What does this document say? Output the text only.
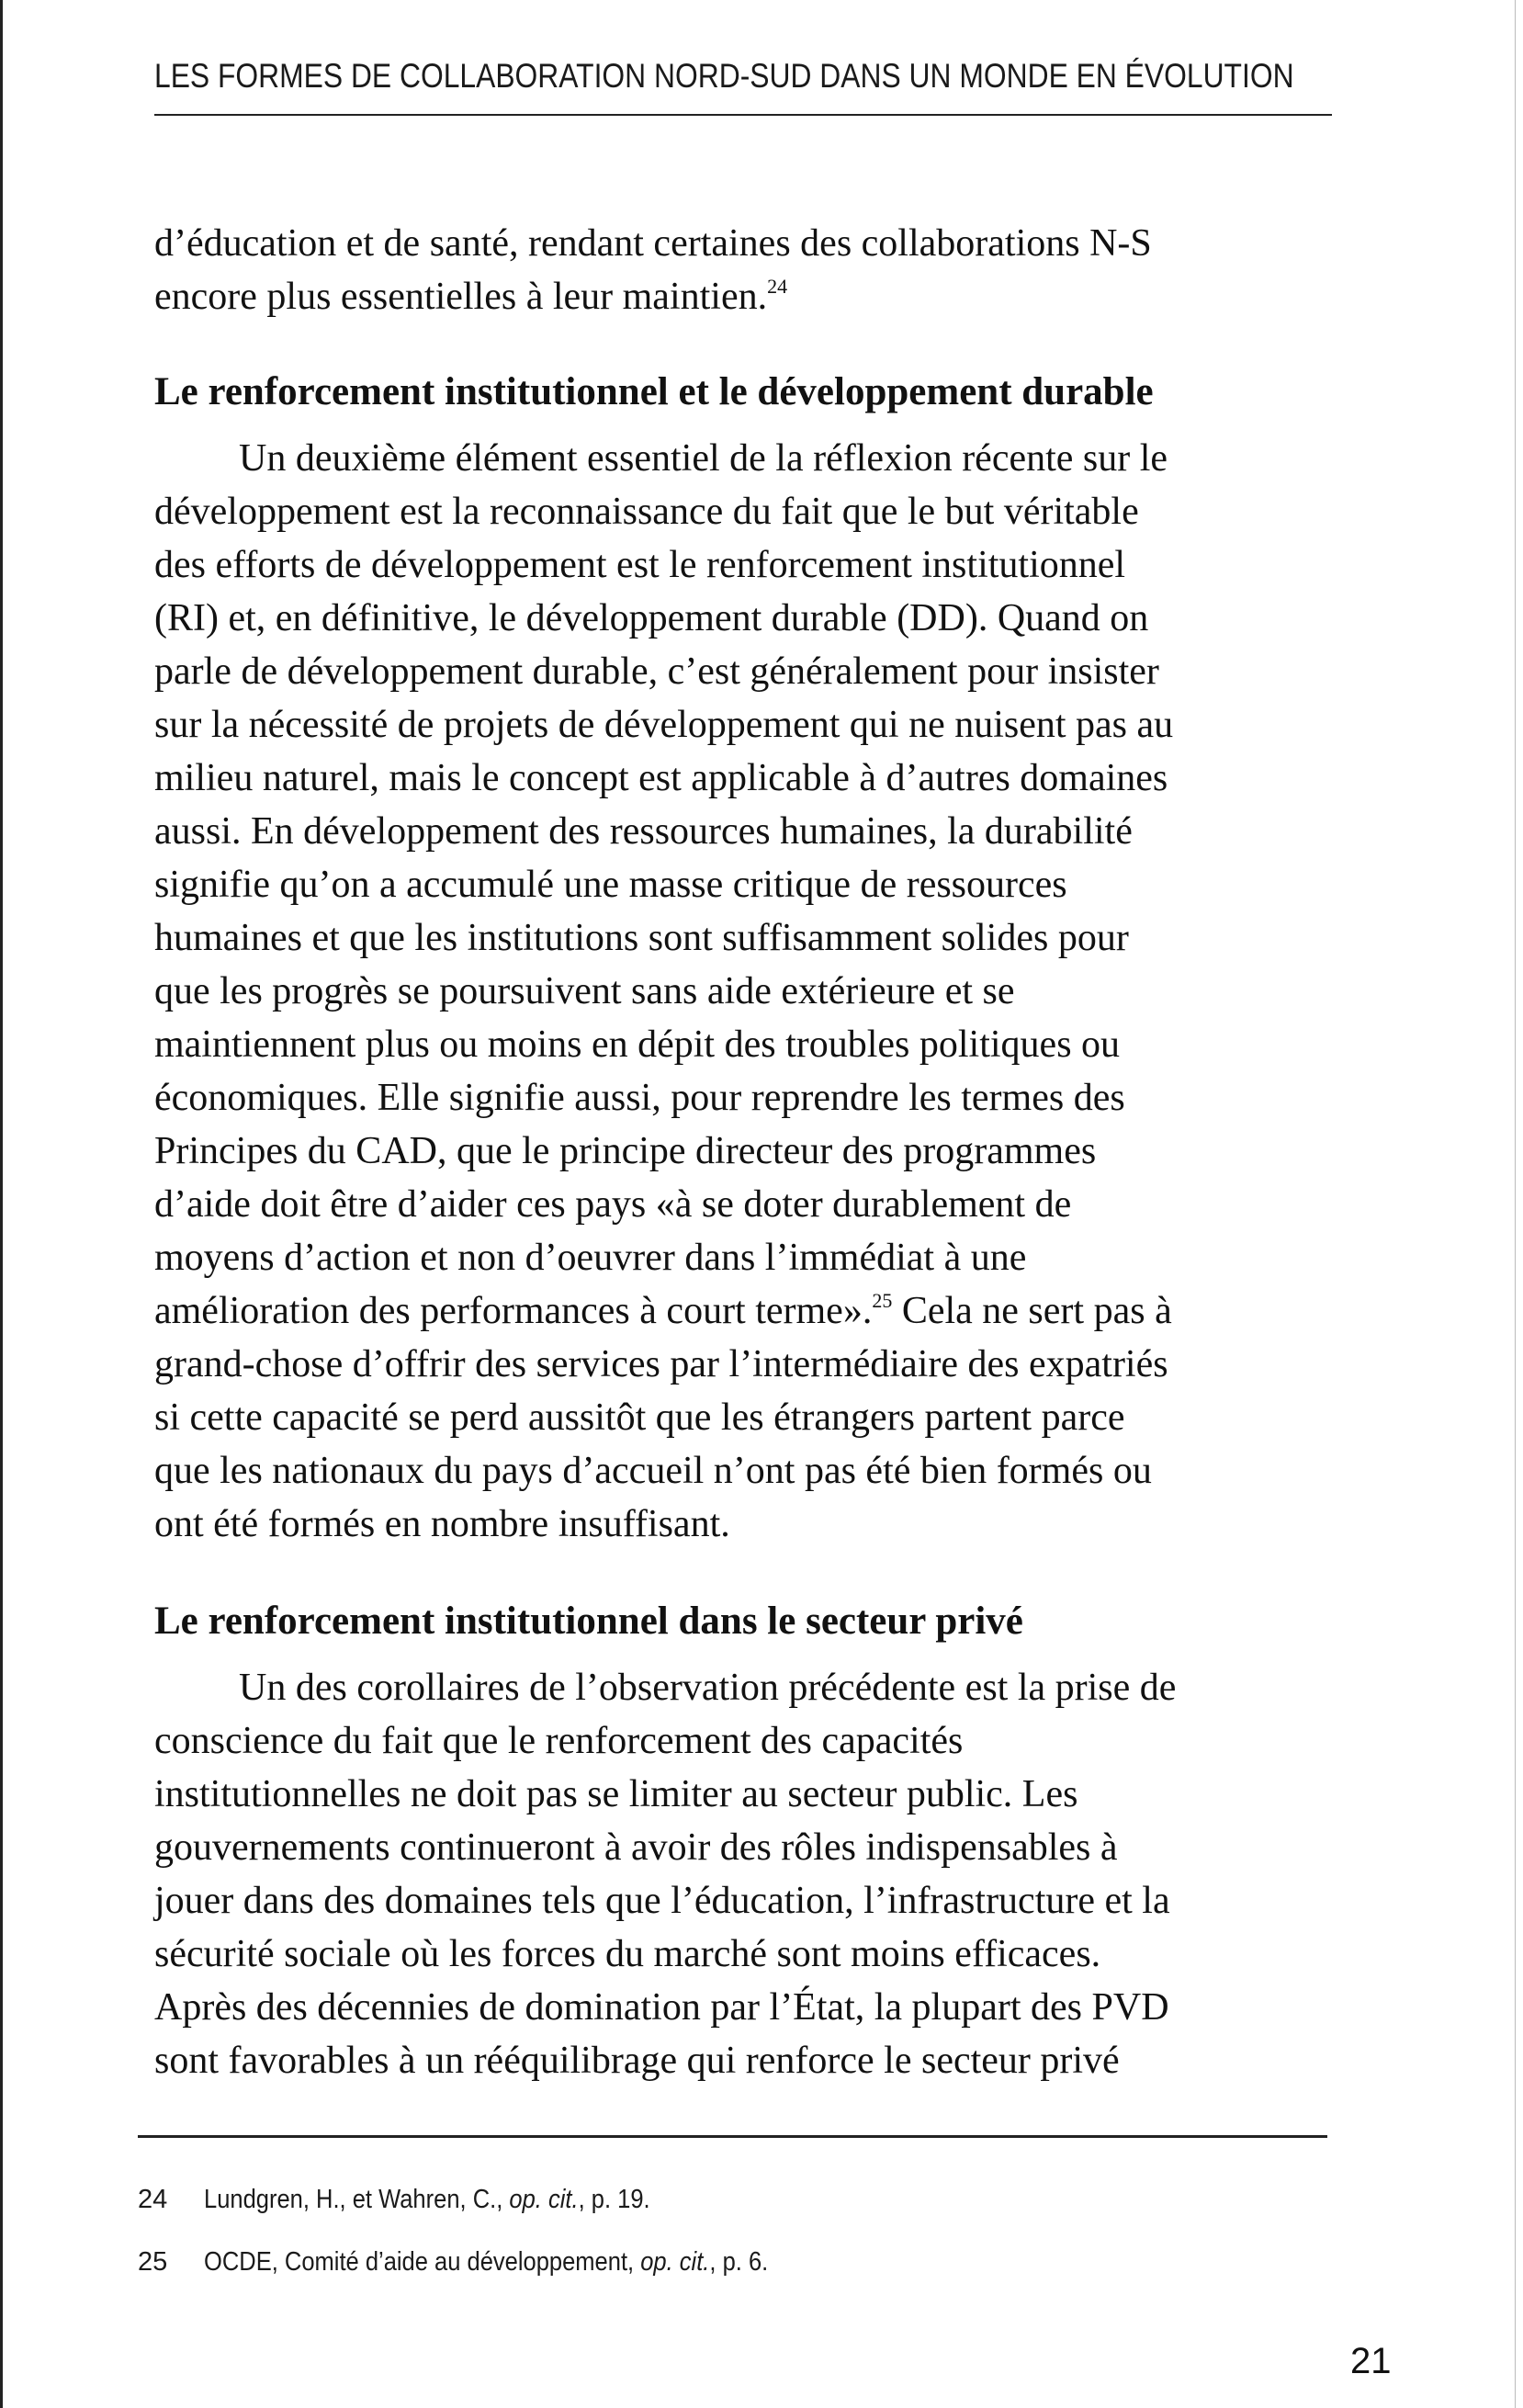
LES FORMES DE COLLABORATION NORD-SUD DANS UN MONDE EN ÉVOLUTION

d’éducation et de santé, rendant certaines des collaborations N-S
encore plus essentielles à leur maintien.$^{24}$

Le renforcement institutionnel et le développement durable

Un deuxième élément essentiel de la réflexion récente sur le
développement est la reconnaissance du fait que le but véritable
des efforts de développement est le renforcement institutionnel
(RI) et, en définitive, le développement durable (DD). Quand on
parle de développement durable, c’est généralement pour insister
sur la nécessité de projets de développement qui ne nuisent pas au
milieu naturel, mais le concept est applicable à d’autres domaines
aussi. En développement des ressources humaines, la durabilité
signifie qu’on a accumulé une masse critique de ressources
humaines et que les institutions sont suffisamment solides pour
que les progrès se poursuivent sans aide extérieure et se
maintiennent plus ou moins en dépit des troubles politiques ou
économiques. Elle signifie aussi, pour reprendre les termes des
Principes du CAD, que le principe directeur des programmes
d’aide doit être d’aider ces pays «à se doter durablement de
moyens d’action et non d’oeuvrer dans l’immédiat à une
amélioration des performances à court terme».$^{25}$ Cela ne sert pas à
grand-chose d’offrir des services par l’intermédiaire des expatriés
si cette capacité se perd aussitôt que les étrangers partent parce
que les nationaux du pays d’accueil n’ont pas été bien formés ou
ont été formés en nombre insuffisant.

Le renforcement institutionnel dans le secteur privé

Un des corollaires de l’observation précédente est la prise de
conscience du fait que le renforcement des capacités
institutionnelles ne doit pas se limiter au secteur public. Les
gouvernements continueront à avoir des rôles indispensables à
jouer dans des domaines tels que l’éducation, l’infrastructure et la
sécurité sociale où les forces du marché sont moins efficaces.
Après des décennies de domination par l’État, la plupart des PVD
sont favorables à un rééquilibrage qui renforce le secteur privé

24 Lundgren, H., et Wahren, C., op. cit., p. 19.
25 OCDE, Comité d’aide au développement, op. cit., p. 6.
21
